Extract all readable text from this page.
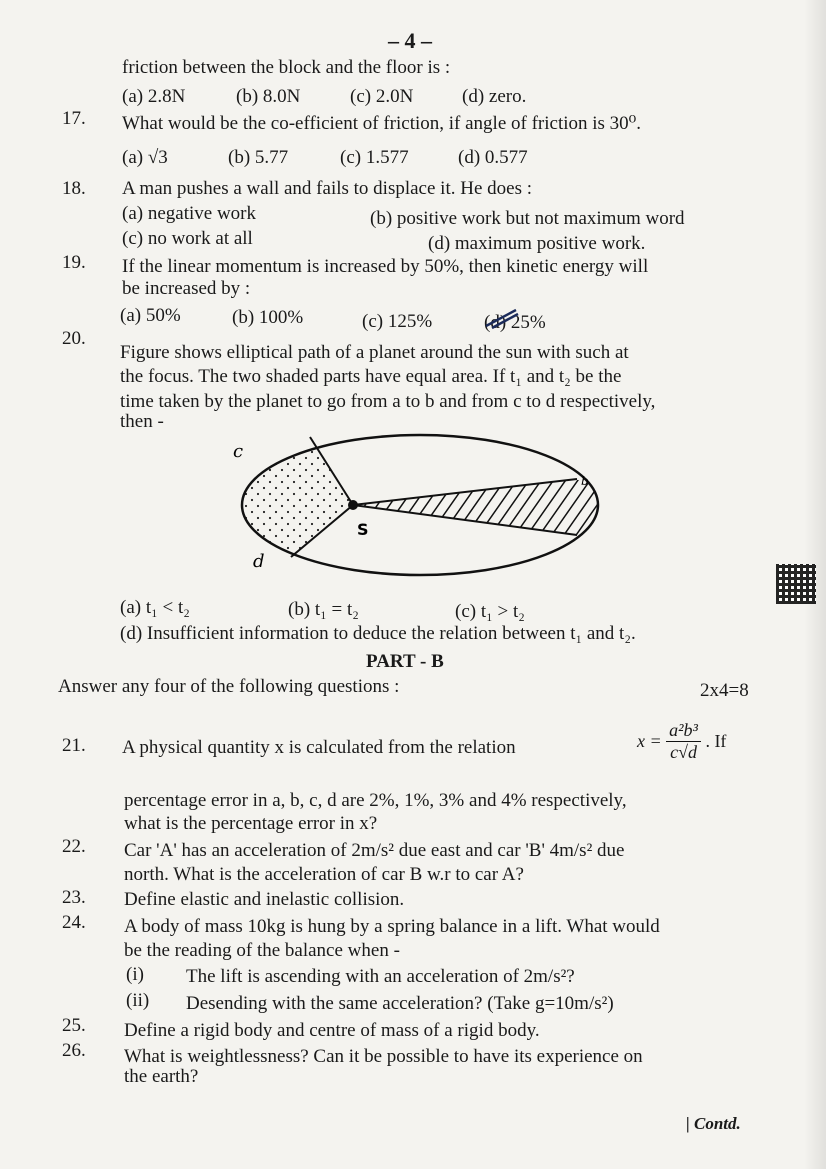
– 4 –
friction between the block and the floor is :
(a) 2.8N	(b) 8.0N	(c) 2.0N	(d) zero.
17. What would be the co-efficient of friction, if angle of friction is 30⁰.
(a) √3	(b) 5.77	(c) 1.577	(d) 0.577
18. A man pushes a wall and fails to displace it. He does :
(a) negative work	(b) positive work but not maximum word
(c) no work at all	(d) maximum positive work.
19. If the linear momentum is increased by 50%, then kinetic energy will
be increased by :
(a) 50%	(b) 100%	(c) 125%	(d) 25%
20.
Figure shows elliptical path of a planet around the sun with such at
the focus. The two shaded parts have equal area. If t₁ and t₂ be the
time taken by the planet to go from a to b and from c to d respectively,
then -
c
d
S
b
(a) t₁ < t₂	(b) t₁ = t₂	(c) t₁ > t₂
(d) Insufficient information to deduce the relation between t₁ and t₂.
PART - B
Answer any four of the following questions :	2x4=8
21. A physical quantity x is calculated from the relation	$x = \frac{\text{a²b³}}{c√d}$ . If
percentage error in a, b, c, d are 2%, 1%, 3% and 4% respectively,
what is the percentage error in x?
22. Car 'A' has an acceleration of 2m/s² due east and car 'B' 4m/s² due
north. What is the acceleration of car B w.r to car A?
23. Define elastic and inelastic collision.
24. A body of mass 10kg is hung by a spring balance in a lift. What would
be the reading of the balance when -
(i) The lift is ascending with an acceleration of 2m/s²?
(ii) Desending with the same acceleration? (Take g=10m/s²)
25. Define a rigid body and centre of mass of a rigid body.
26. What is weightlessness? Can it be possible to have its experience on
the earth?
| Contd.
